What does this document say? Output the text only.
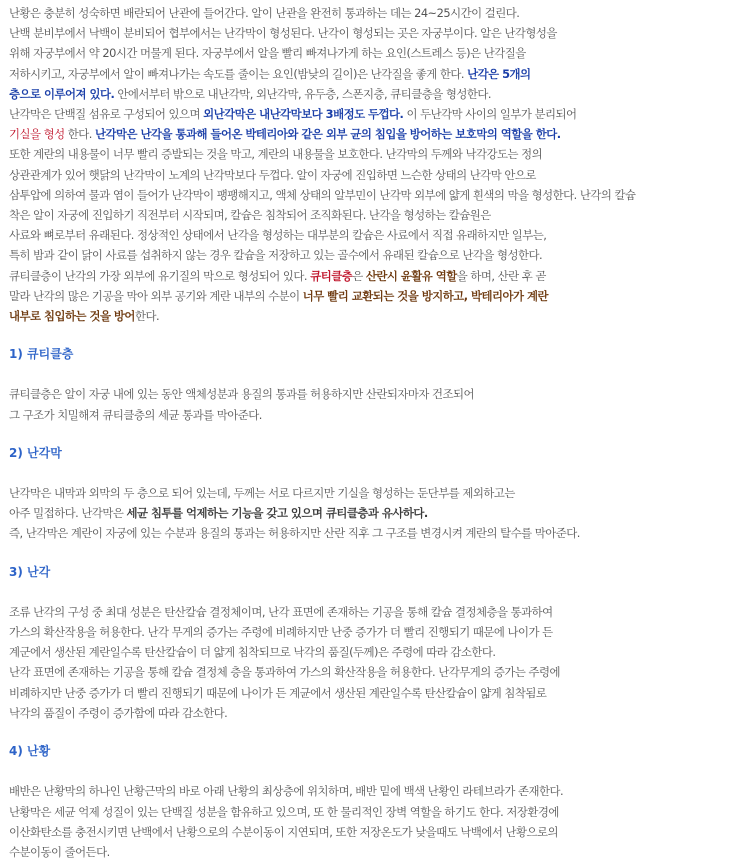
난황은 충분히 성숙하면 배란되어 난관에 들어간다. 알이 난관을 완전히 통과하는 데는 24~25시간이 걸린다.

난백 분비부에서 낙백이 분비되어 협부에서는 난각막이 형성된다. 난각이 형성되는 곳은 자궁부이다. 알은 난각형성을

위해 자궁부에서 약 20시간 머물게 된다. 자궁부에서 알을 빨리 빠져나가게 하는 요인(스트레스 등)은 난각질을

저하시키고, 자궁부에서 알이 빠져나가는 속도를 줄이는 요인(밤낮의 길이)은 난각질을 좋게 한다. 난각은 5개의

층으로 이루어져 있다. 안에서부터 밖으로 내난각막, 외난각막, 유두층, 스폰지층, 큐티클층을 형성한다.

난각막은 단백질 섬유로 구성되어 있으며 외난각막은 내난각막보다 3배정도 두껍다. 이 두난각막 사이의 일부가 분리되어

기실을 형성 한다. 난각막은 난각을 통과해 들어온 박테리아와 같은 외부 균의 침입을 방어하는 보호막의 역할을 한다.

또한 계란의 내용물이 너무 빨리 증발되는 것을 막고, 계란의 내용물을 보호한다. 난각막의 두께와 낙각강도는 정의

상관관계가 있어 햇닭의 난각막이 노계의 난각막보다 두껍다. 알이 자궁에 진입하면 느슨한 상태의 난각막 안으로

삼투압에 의하여 물과 염이 들어가 난각막이 팽팽해지고, 액체 상태의 알부민이 난각막 외부에 얇게 흰색의 막을 형성한다. 난각의 칼슘

착은 알이 자궁에 진입하기 직전부터 시작되며, 칼슘은 침착되어 조직화된다. 난각을 형성하는 칼슘원은

사료와 뼈로부터 유래된다. 정상적인 상태에서 난각을 형성하는 대부분의 칼슘은 사료에서 직접 유래하지만 일부는,

특히 밤과 같이 닭이 사료를 섭취하지 않는 경우 칼슘을 저장하고 있는 골수에서 유래된 칼슘으로 난각을 형성한다.

큐티클층이 난각의 가장 외부에 유기질의 막으로 형성되어 있다. 큐티클층은 산란시 윤활유 역할을 하며, 산란 후 곧

말라 난각의 많은 기공을 막아 외부 공기와 계란 내부의 수분이 너무 빨리 교환되는 것을 방지하고, 박테리아가 계란

내부로 침입하는 것을 방어한다.

1) 큐티클층

큐티클층은 알이 자궁 내에 있는 동안 액체성분과 용질의 통과를 허용하지만 산란되자마자 건조되어

그 구조가 치밀해져 큐티클층의 세균 통과를 막아준다.

2) 난각막

난각막은 내막과 외막의 두 층으로 되어 있는데, 두께는 서로 다르지만 기실을 형성하는 둔단부를 제외하고는

아주 밀접하다. 난각막은 세균 침투를 억제하는 기능을 갖고 있으며 큐티클층과 유사하다.

즉, 난각막은 계란이 자궁에 있는 수분과 용질의 통과는 허용하지만 산란 직후 그 구조를 변경시켜 계란의 탈수를 막아준다.

3) 난각

조류 난각의 구성 중 최대 성분은 탄산칼슘 결정체이며, 난각 표면에 존재하는 기공을 통해 칼슘 결정체층을 통과하여

가스의 확산작용을 허용한다. 난각 무게의 증가는 주령에 비례하지만 난중 증가가 더 빨리 진행되기 때문에 나이가 든

계군에서 생산된 계란일수록 탄산칼슘이 더 얇게 침착되므로 낙각의 품질(두께)은 주령에 따라 감소한다.

난각 표면에 존재하는 기공을 통해 칼슘 결정체 층을 통과하여 가스의 확산작용을 허용한다. 난각무게의 증가는 주령에

비례하지만 난중 증가가 더 빨리 진행되기 때문에 나이가 든 계균에서 생산된 계란일수록 탄산칼슘이 얇게 침착됨로

낙각의 품질이 주령이 증가함에 따라 감소한다.

4) 난황

배반은 난황막의 하나인 난황근막의 바로 아래 난황의 최상층에 위치하며, 배반 밑에 백색 난황인 라테브라가 존재한다.

난황막은 세균 억제 성질이 있는 단백질 성분을 함유하고 있으며, 또 한 물리적인 장벽 역할을 하기도 한다. 저장환경에

이산화탄소를 충전시키면 난백에서 난황으로의 수분이동이 지연되며, 또한 저장온도가 낮을때도 낙백에서 난황으로의

수분이동이 줄어든다.
